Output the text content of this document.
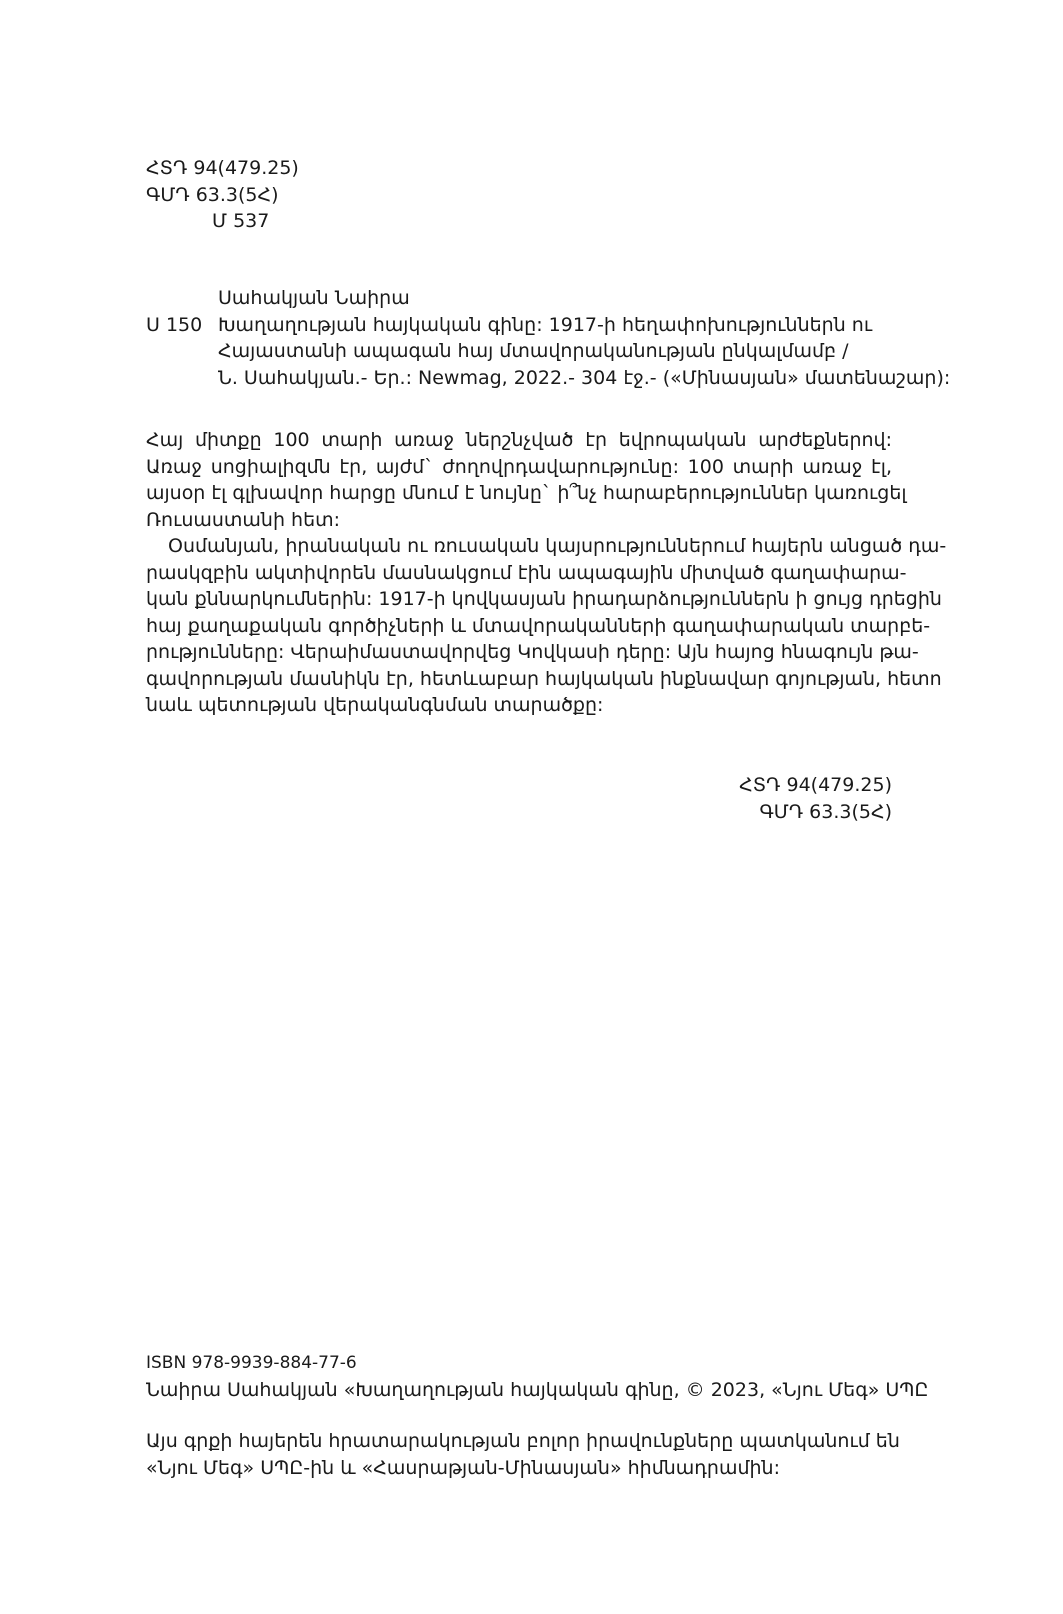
ՀՏԴ 94(479.25)
ԳՄԴ 63.3(5Հ)
Մ 537
Սահակյան Նաիրա
Ս 150 Խաղաղության հայկական գինը: 1917-ի հեղափոխություններն ու
Հայաստանի ապագան հայ մտավորականության ընկալմամբ /
Ն. Սահակյան.- Եր.: Newmag, 2022.- 304 էջ.- («Մինասյան» մատենաշար):

Հայ միտքը 100 տարի առաջ ներշնչված էր եվրոպական արժեքներով:
Առաջ սոցիալիզմն էր, այժմ` ժողովրդավարությունը: 100 տարի առաջ էլ,
այսօր էլ գլխավոր հարցը մնում է նույնը` ի՞նչ հարաբերություններ կառուցել
Ռուսաստանի հետ:

Օսմանյան, իրանական ու ռուսական կայսրություններում հայերն անցած դա-
րասկզբին ակտիվորեն մասնակցում էին ապագային միտված գաղափարա-
կան քննարկումներին: 1917-ի կովկասյան իրադարձություններն ի ցույց դրեցին
հայ քաղաքական գործիչների և մտավորականների գաղափարական տարբե-
րությունները: Վերաիմաստավորվեց Կովկասի դերը: Այն հայոց հնագույն թա-
գավորության մասնիկն էր, հետևաբար հայկական ինքնավար գոյության, հետո
նաև պետության վերականգնման տարածքը:

ՀՏԴ 94(479.25)
ԳՄԴ 63.3(5Հ)
ISBN 978-9939-884-77-6
Նաիրա Սահակյան «Խաղաղության հայկական գինը, © 2023, «Նյու Մեգ» ՍՊԸ
Այս գրքի հայերեն հրատարակության բոլոր իրավունքները պատկանում են
«Նյու Մեգ» ՍՊԸ-ին և «Հասրաթյան-Մինասյան» հիմնադրամին:
